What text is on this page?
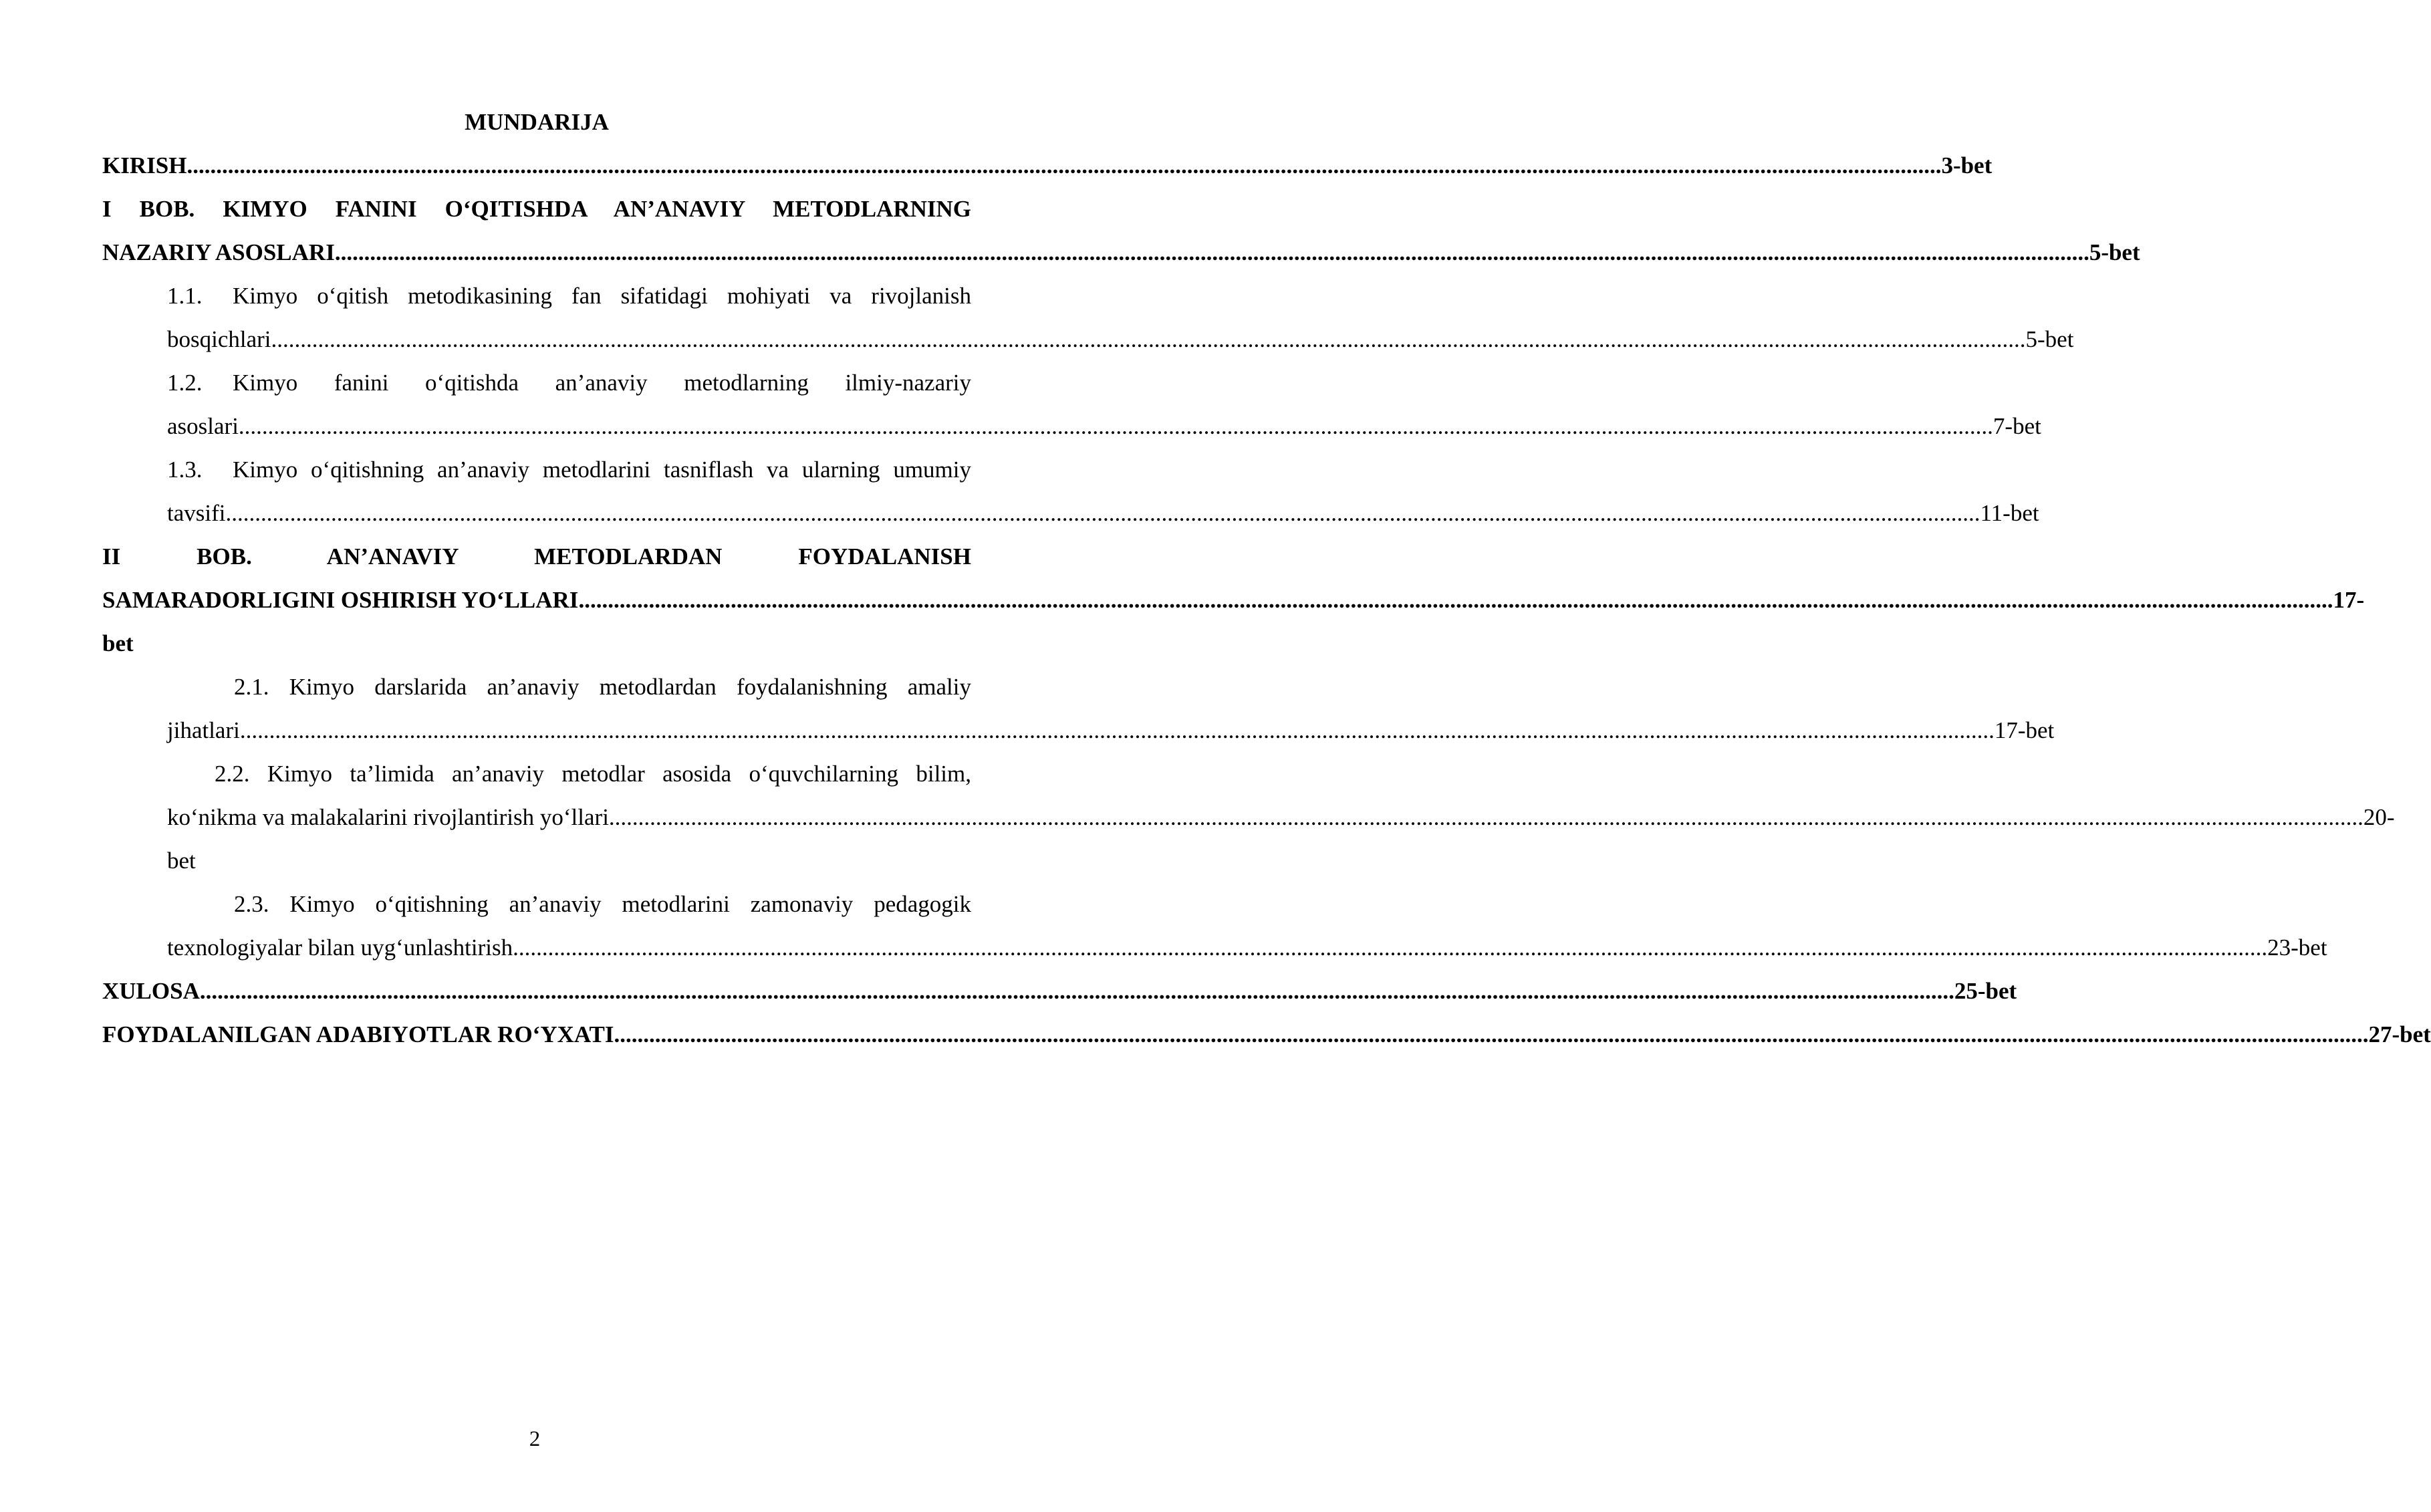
MUNDARIJA
KIRISH ............................................................................................................................................................................................................................................................................................................ 3-bet
I BOB. KIMYO FANINI O‘QITISHDA AN’ANAVIY METODLARNING
NAZARIY ASOSLARI ............................................................................................................................................................................................................................................................................................................ 5-bet
1.1. Kimyo o‘qitish metodikasining fan sifatidagi mohiyati va rivojlanish
bosqichlari ............................................................................................................................................................................................................................................................................................................ 5-bet
1.2. Kimyo fanini o‘qitishda an’anaviy metodlarning ilmiy-nazariy
asoslari ............................................................................................................................................................................................................................................................................................................ 7-bet
1.3. Kimyo o‘qitishning an’anaviy metodlarini tasniflash va ularning umumiy
tavsifi ............................................................................................................................................................................................................................................................................................................ 11-bet
II BOB. AN’ANAVIY METODLARDAN FOYDALANISH
SAMARADORLIGINI OSHIRISH YO‘LLARI ............................................................................................................................................................................................................................................................................................................ 17-
bet
2.1. Kimyo darslarida an’anaviy metodlardan foydalanishning amaliy
jihatlari ............................................................................................................................................................................................................................................................................................................ 17-bet
2.2. Kimyo ta’limida an’anaviy metodlar asosida o‘quvchilarning bilim,
ko‘nikma va malakalarini rivojlantirish yo‘llari ............................................................................................................................................................................................................................................................................................................ 20-
bet
2.3. Kimyo o‘qitishning an’anaviy metodlarini zamonaviy pedagogik
texnologiyalar bilan uyg‘unlashtirish ............................................................................................................................................................................................................................................................................................................ 23-bet
XULOSA ............................................................................................................................................................................................................................................................................................................ 25-bet
FOYDALANILGAN ADABIYOTLAR RO‘YXATI ............................................................................................................................................................................................................................................................................................................ 27-bet
2
